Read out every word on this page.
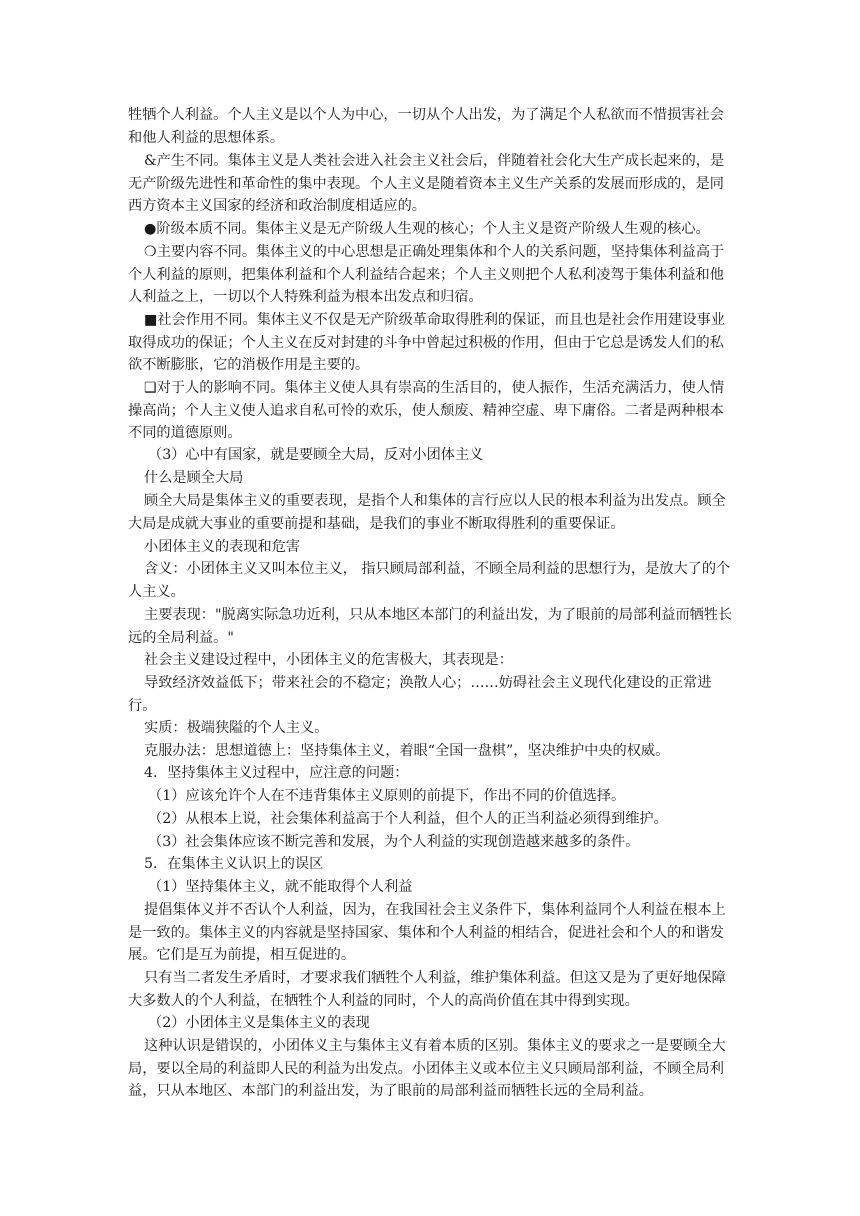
牲牺个人利益。个人主义是以个人为中心，一切从个人出发，为了满足个人私欲而不惜损害社会和他人利益的思想体系。

&产生不同。集体主义是人类社会进入社会主义社会后，伴随着社会化大生产成长起来的，是无产阶级先进性和革命性的集中表现。个人主义是随着资本主义生产关系的发展而形成的，是同西方资本主义国家的经济和政治制度相适应的。

●阶级本质不同。集体主义是无产阶级人生观的核心；个人主义是资产阶级人生观的核心。

❍主要内容不同。集体主义的中心思想是正确处理集体和个人的关系问题，坚持集体利益高于个人利益的原则，把集体利益和个人利益结合起来；个人主义则把个人私利凌驾于集体利益和他人利益之上，一切以个人特殊利益为根本出发点和归宿。

■社会作用不同。集体主义不仅是无产阶级革命取得胜利的保证，而且也是社会作用建设事业取得成功的保证；个人主义在反对封建的斗争中曾起过积极的作用，但由于它总是诱发人们的私欲不断膨胀，它的消极作用是主要的。

❑对于人的影响不同。集体主义使人具有崇高的生活目的，使人振作，生活充满活力，使人情操高尚；个人主义使人追求自私可怜的欢乐，使人颓废、精神空虚、卑下庸俗。二者是两种根本不同的道德原则。

（3）心中有国家，就是要顾全大局，反对小团体主义

什么是顾全大局

顾全大局是集体主义的重要表现，是指个人和集体的言行应以人民的根本利益为出发点。顾全大局是成就大事业的重要前提和基础，是我们的事业不断取得胜利的重要保证。

小团体主义的表现和危害

含义：小团体主义又叫本位主义， 指只顾局部利益，不顾全局利益的思想行为，是放大了的个人主义。

主要表现："脱离实际急功近利，只从本地区本部门的利益出发，为了眼前的局部利益而牺牲长远的全局利益。"

社会主义建设过程中，小团体主义的危害极大，其表现是：

导致经济效益低下；带来社会的不稳定；涣散人心；……妨碍社会主义现代化建设的正常进行。

实质：极端狭隘的个人主义。

克服办法：思想道德上：坚持集体主义，着眼“全国一盘棋”，坚决维护中央的权威。

4．坚持集体主义过程中，应注意的问题：

（1）应该允许个人在不违背集体主义原则的前提下，作出不同的价值选择。

（2）从根本上说，社会集体利益高于个人利益，但个人的正当利益必须得到维护。

（3）社会集体应该不断完善和发展，为个人利益的实现创造越来越多的条件。

5．在集体主义认识上的误区

（1）坚持集体主义，就不能取得个人利益

提倡集体义并不否认个人利益，因为，在我国社会主义条件下，集体利益同个人利益在根本上是一致的。集体主义的内容就是坚持国家、集体和个人利益的相结合，促进社会和个人的和谐发展。它们是互为前提，相互促进的。

只有当二者发生矛盾时，才要求我们牺牲个人利益，维护集体利益。但这又是为了更好地保障大多数人的个人利益，在牺牲个人利益的同时，个人的高尚价值在其中得到实现。

（2）小团体主义是集体主义的表现

这种认识是错误的，小团体义主与集体主义有着本质的区别。集体主义的要求之一是要顾全大局，要以全局的利益即人民的利益为出发点。小团体主义或本位主义只顾局部利益，不顾全局利益，只从本地区、本部门的利益出发，为了眼前的局部利益而牺牲长远的全局利益。
